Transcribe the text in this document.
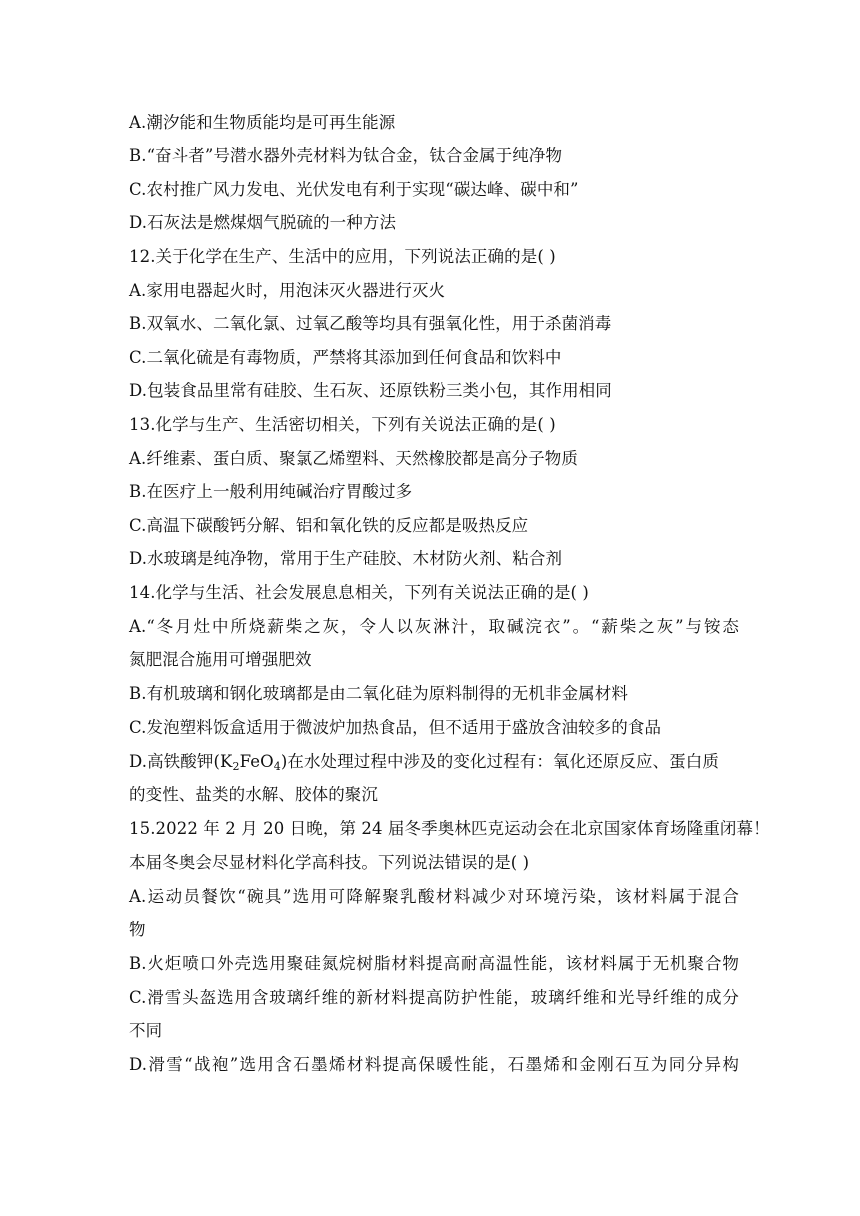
A.潮汐能和生物质能均是可再生能源
B.“奋斗者”号潜水器外壳材料为钛合金，钛合金属于纯净物
C.农村推广风力发电、光伏发电有利于实现“碳达峰、碳中和”
D.石灰法是燃煤烟气脱硫的一种方法
12.关于化学在生产、生活中的应用，下列说法正确的是( )
A.家用电器起火时，用泡沫灭火器进行灭火
B.双氧水、二氧化氯、过氧乙酸等均具有强氧化性，用于杀菌消毒
C.二氧化硫是有毒物质，严禁将其添加到任何食品和饮料中
D.包装食品里常有硅胶、生石灰、还原铁粉三类小包，其作用相同
13.化学与生产、生活密切相关，下列有关说法正确的是( )
A.纤维素、蛋白质、聚氯乙烯塑料、天然橡胶都是高分子物质
B.在医疗上一般利用纯碱治疗胃酸过多
C.高温下碳酸钙分解、铝和氧化铁的反应都是吸热反应
D.水玻璃是纯净物，常用于生产硅胶、木材防火剂、粘合剂
14.化学与生活、社会发展息息相关，下列有关说法正确的是( )
A.“冬月灶中所烧薪柴之灰，令人以灰淋汁，取碱浣衣”。“薪柴之灰”与铵态
氮肥混合施用可增强肥效
B.有机玻璃和钢化玻璃都是由二氧化硅为原料制得的无机非金属材料
C.发泡塑料饭盒适用于微波炉加热食品，但不适用于盛放含油较多的食品
D.高铁酸钾$(K_2FeO_4)$在水处理过程中涉及的变化过程有：氧化还原反应、蛋白质
的变性、盐类的水解、胶体的聚沉
15.2022 年 2 月 20 日晚，第 24 届冬季奥林匹克运动会在北京国家体育场隆重闭幕！
本届冬奥会尽显材料化学高科技。下列说法错误的是( )
A.运动员餐饮“碗具”选用可降解聚乳酸材料减少对环境污染，该材料属于混合
物
B.火炬喷口外壳选用聚硅氮烷树脂材料提高耐高温性能，该材料属于无机聚合物
C.滑雪头盔选用含玻璃纤维的新材料提高防护性能，玻璃纤维和光导纤维的成分
不同
D.滑雪“战袍”选用含石墨烯材料提高保暖性能，石墨烯和金刚石互为同分异构
